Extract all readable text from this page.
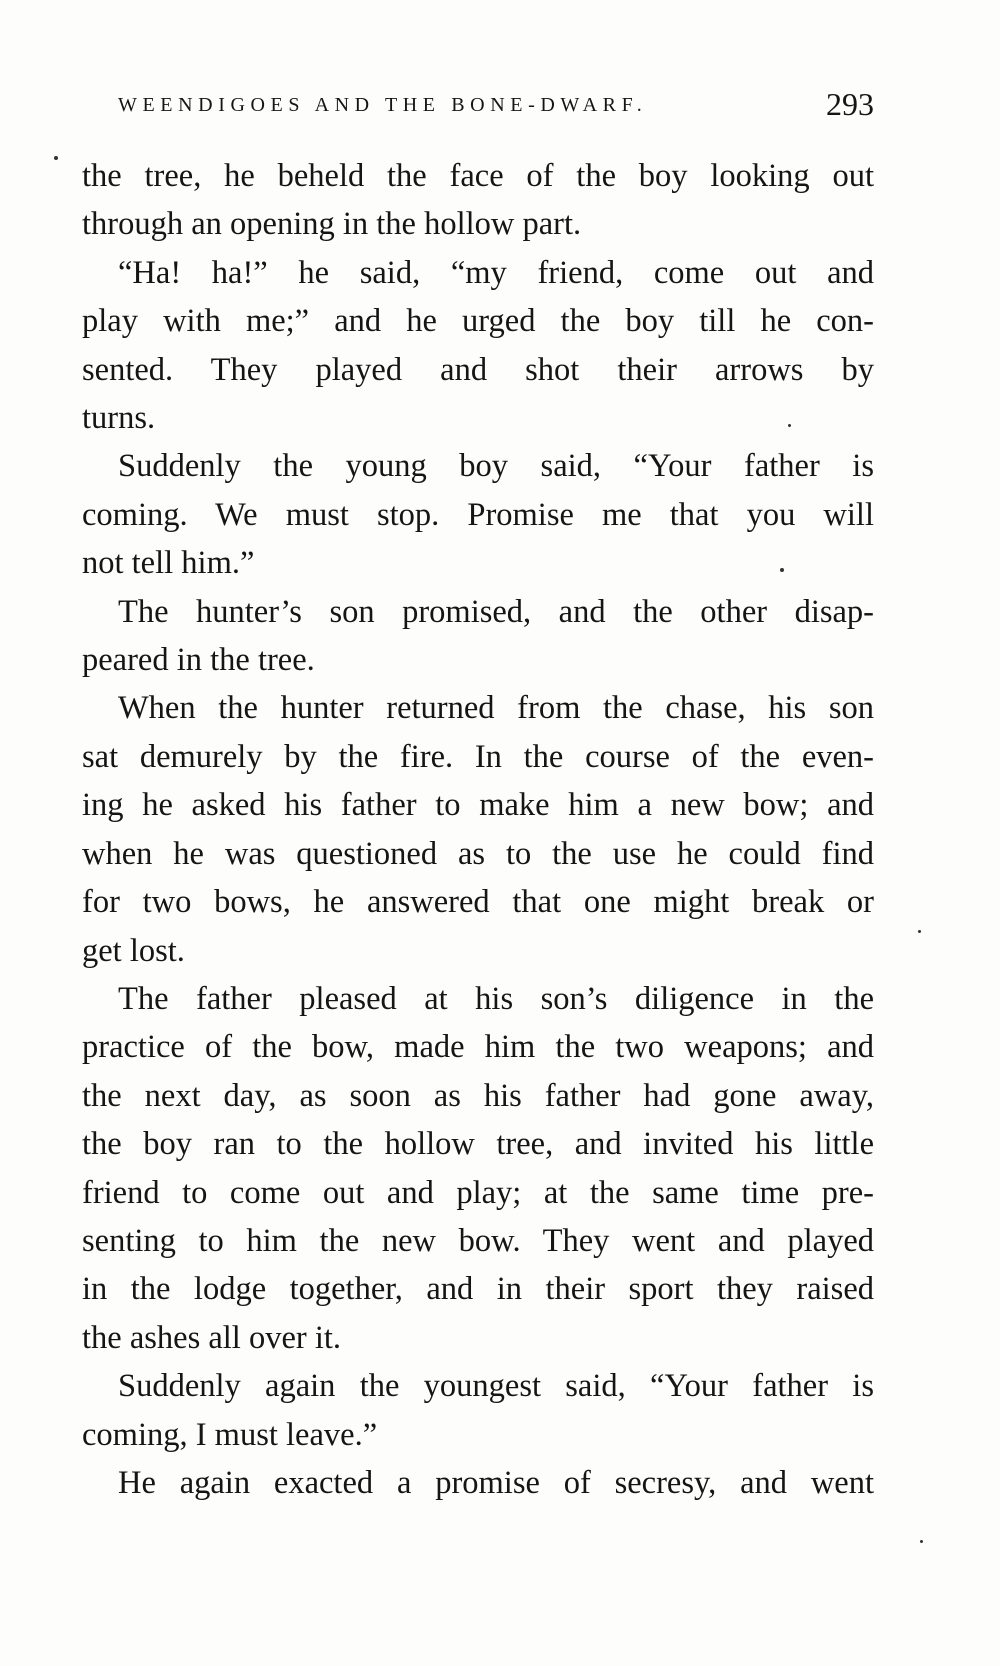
WEENDIGOES AND THE BONE-DWARF.	293
the tree, he beheld the face of the boy looking out
through an opening in the hollow part.
“Ha! ha!” he said, “my friend, come out and
play with me;” and he urged the boy till he con-
sented. They played and shot their arrows by
turns.
Suddenly the young boy said, “Your father is
coming. We must stop. Promise me that you will
not tell him.”
The hunter’s son promised, and the other disap-
peared in the tree.
When the hunter returned from the chase, his son
sat demurely by the fire. In the course of the even-
ing he asked his father to make him a new bow; and
when he was questioned as to the use he could find
for two bows, he answered that one might break or
get lost.
The father pleased at his son’s diligence in the
practice of the bow, made him the two weapons; and
the next day, as soon as his father had gone away,
the boy ran to the hollow tree, and invited his little
friend to come out and play; at the same time pre-
senting to him the new bow. They went and played
in the lodge together, and in their sport they raised
the ashes all over it.
Suddenly again the youngest said, “Your father is
coming, I must leave.”
He again exacted a promise of secresy, and went
